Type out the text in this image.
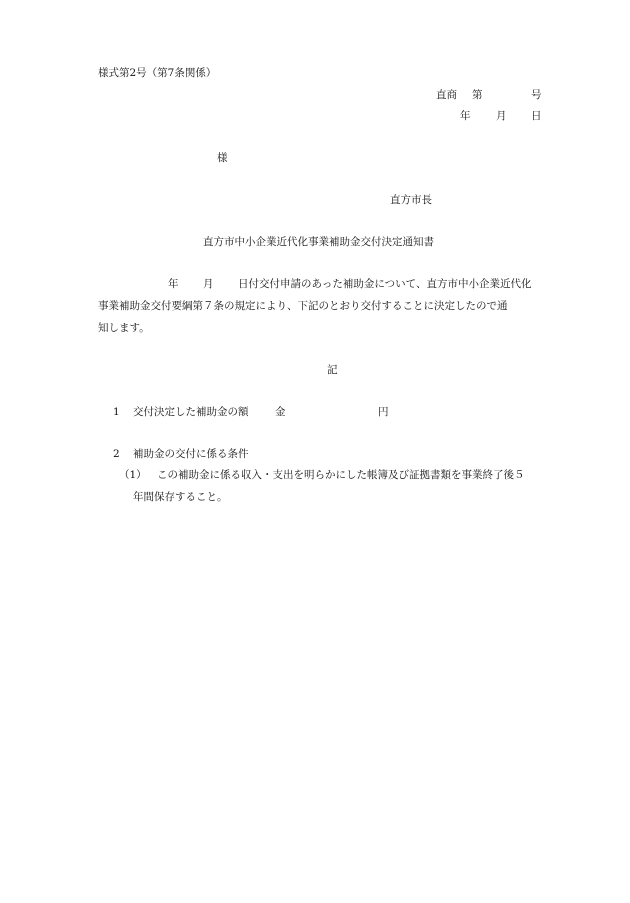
様式第2号（第7条関係）
直商 第	号
年 月 日
様
直方市長
直方市中小企業近代化事業補助金交付決定通知書
年 月 日付交付申請のあった補助金について、直方市中小企業近代化
事業補助金交付要綱第７条の規定により、下記のとおり交付することに決定したので通
知します。
記
1 交付決定した補助金の額	金	円
2 補助金の交付に係る条件
（1） この補助金に係る収入・支出を明らかにした帳簿及び証拠書類を事業終了後５
年間保存すること。
